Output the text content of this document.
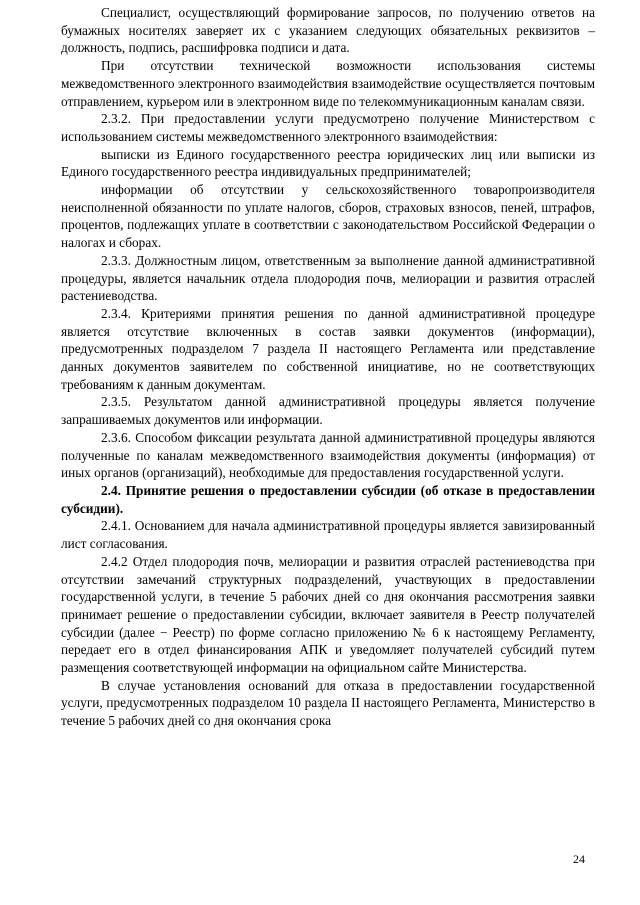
Специалист, осуществляющий формирование запросов, по получению ответов на бумажных носителях заверяет их с указанием следующих обязательных реквизитов – должность, подпись, расшифровка подписи и дата.

При отсутствии технической возможности использования системы межведомственного электронного взаимодействия взаимодействие осуществляется почтовым отправлением, курьером или в электронном виде по телекоммуникационным каналам связи.

2.3.2. При предоставлении услуги предусмотрено получение Министерством с использованием системы межведомственного электронного взаимодействия:

выписки из Единого государственного реестра юридических лиц или выписки из Единого государственного реестра индивидуальных предпринимателей;

информации об отсутствии у сельскохозяйственного товаропроизводителя неисполненной обязанности по уплате налогов, сборов, страховых взносов, пеней, штрафов, процентов, подлежащих уплате в соответствии с законодательством Российской Федерации о налогах и сборах.

2.3.3. Должностным лицом, ответственным за выполнение данной административной процедуры, является начальник отдела плодородия почв, мелиорации и развития отраслей растениеводства.

2.3.4. Критериями принятия решения по данной административной процедуре является отсутствие включенных в состав заявки документов (информации), предусмотренных подразделом 7 раздела II настоящего Регламента или представление данных документов заявителем по собственной инициативе, но не соответствующих требованиям к данным документам.

2.3.5. Результатом данной административной процедуры является получение запрашиваемых документов или информации.

2.3.6. Способом фиксации результата данной административной процедуры являются полученные по каналам межведомственного взаимодействия документы (информация) от иных органов (организаций), необходимые для предоставления государственной услуги.

2.4. Принятие решения о предоставлении субсидии (об отказе в предоставлении субсидии).

2.4.1. Основанием для начала административной процедуры является завизированный лист согласования.

2.4.2 Отдел плодородия почв, мелиорации и развития отраслей растениеводства при отсутствии замечаний структурных подразделений, участвующих в предоставлении государственной услуги, в течение 5 рабочих дней со дня окончания рассмотрения заявки принимает решение о предоставлении субсидии, включает заявителя в Реестр получателей субсидии (далее − Реестр) по форме согласно приложению № 6 к настоящему Регламенту, передает его в отдел финансирования АПК и уведомляет получателей субсидий путем размещения соответствующей информации на официальном сайте Министерства.

В случае установления оснований для отказа в предоставлении государственной услуги, предусмотренных подразделом 10 раздела II настоящего Регламента, Министерство в течение 5 рабочих дней со дня окончания срока

24
